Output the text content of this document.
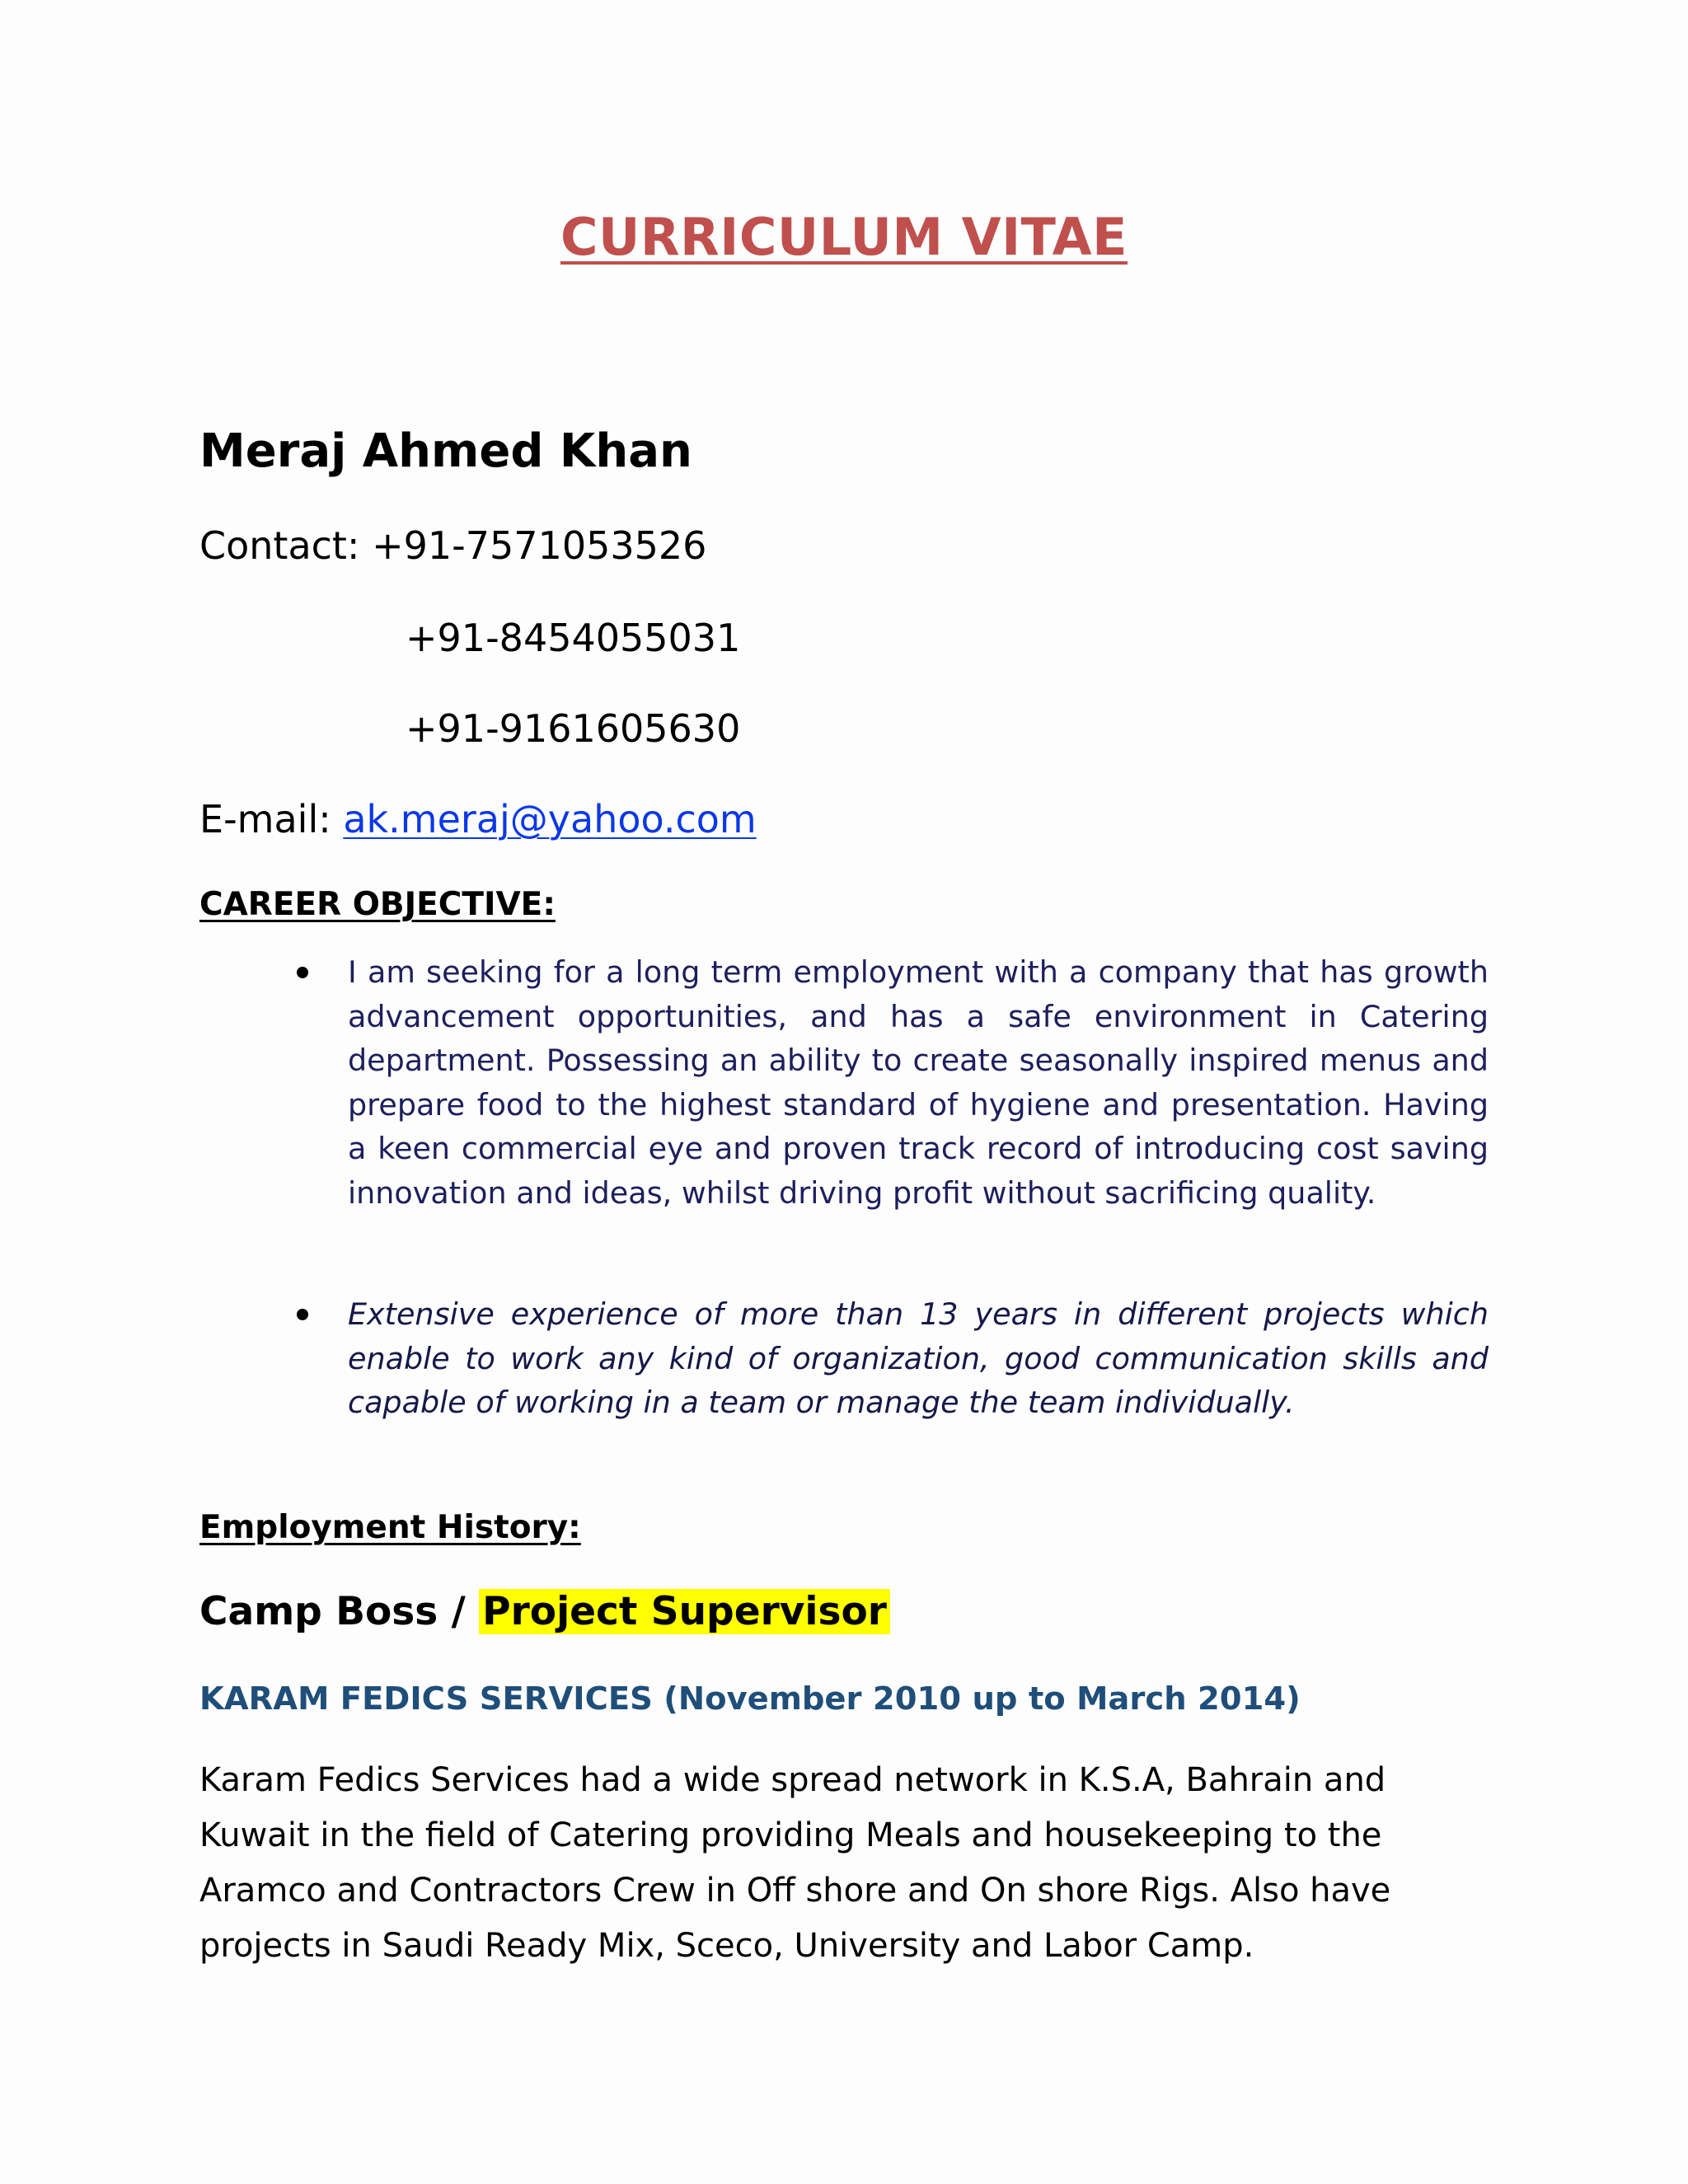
CURRICULUM VITAE
Meraj Ahmed Khan
Contact: +91-7571053526
+91-8454055031
+91-9161605630
E-mail: ak.meraj@yahoo.com
CAREER OBJECTIVE:
I am seeking for a long term employment with a company that has growth advancement opportunities, and has a safe environment in Catering department. Possessing an ability to create seasonally inspired menus and prepare food to the highest standard of hygiene and presentation. Having a keen commercial eye and proven track record of introducing cost saving innovation and ideas, whilst driving profit without sacrificing quality.
Extensive experience of more than 13 years in different projects which enable to work any kind of organization, good communication skills and capable of working in a team or manage the team individually.
Employment History:
Camp Boss / Project Supervisor
KARAM FEDICS SERVICES (November 2010 up to March 2014)

Karam Fedics Services had a wide spread network in K.S.A, Bahrain and Kuwait in the field of Catering providing Meals and housekeeping to the Aramco and Contractors Crew in Off shore and On shore Rigs. Also have projects in Saudi Ready Mix, Sceco, University and Labor Camp.
